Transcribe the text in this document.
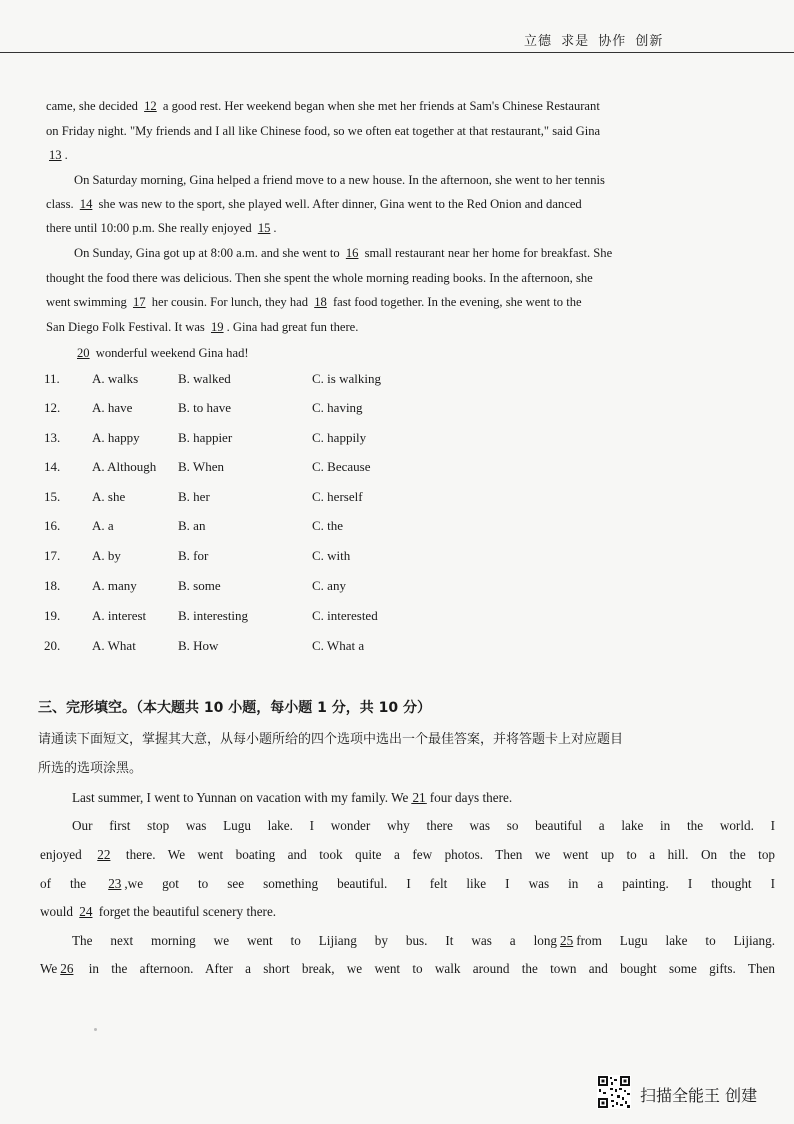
立德 求是 协作 创新

came, she decided 12 a good rest. Her weekend began when she met her friends at Sam's Chinese Restaurant

on Friday night. "My friends and I all like Chinese food, so we often eat together at that restaurant," said Gina

13 .

On Saturday morning, Gina helped a friend move to a new house. In the afternoon, she went to her tennis

class. 14 she was new to the sport, she played well. After dinner, Gina went to the Red Onion and danced

there until 10:00 p.m. She really enjoyed 15 .

On Sunday, Gina got up at 8:00 a.m. and she went to 16 small restaurant near her home for breakfast. She

thought the food there was delicious. Then she spent the whole morning reading books. In the afternoon, she

went swimming 17 her cousin. For lunch, they had 18 fast food together. In the evening, she went to the

San Diego Folk Festival. It was 19 . Gina had great fun there.

20 wonderful weekend Gina had!

11. A. walks	B. walked	C. is walking
12. A. have	B. to have	C. having
13. A. happy	B. happier	C. happily
14. A. Although B. When	C. Because
15. A. she	B. her	C. herself
16. A. a	B. an	C. the
17. A. by	B. for	C. with
18. A. many	B. some	C. any
19. A. interest B. interesting	C. interested
20. A. What	B. How	C. What a
三、完形填空。（本大题共 10 小题，每小题 1 分，共 10 分）
请通读下面短文，掌握其大意，从每小题所给的四个选项中选出一个最佳答案，并将答题卡上对应题目
所选的选项涂黑。

Last summer, I went to Yunnan on vacation with my family. We  21  four days there.

Our first stop was Lugu lake. I wonder why there was so beautiful a lake in the world. I

enjoyed 22 there. We went boating and took quite a few photos. Then we went up to a hill. On the top

of the 23 ,we got to see something beautiful. I felt like I was in a painting. I thought I

would 24 forget the beautiful scenery there.

The next morning we went to Lijiang by bus. It was a long 25 from Lugu lake to Lijiang.

We 26 in the afternoon. After a short break, we went to walk around the town and bought some gifts. Then

扫描全能王 创建
